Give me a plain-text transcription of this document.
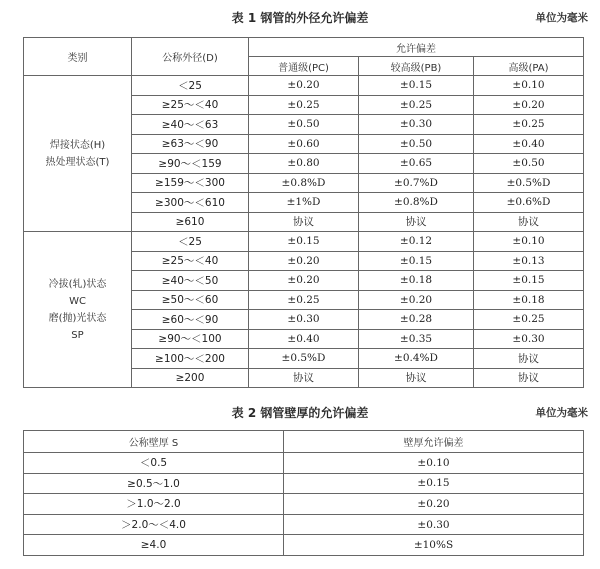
表 1 钢管的外径允许偏差	单位为毫米
类别	公称外径(D)	允许偏差		
		普通级(PC)	较高级(PB)	高级(PA)
焊接状态(H)
热处理状态(T)	＜25	±0.20	±0.15	±0.10
	≥25～＜40	±0.25	±0.25	±0.20
	≥40～＜63	±0.50	±0.30	±0.25
	≥63～＜90	±0.60	±0.50	±0.40
	≥90～＜159	±0.80	±0.65	±0.50
	≥159～＜300	±0.8%D	±0.7%D	±0.5%D
	≥300～＜610	±1%D	±0.8%D	±0.6%D
	≥610	协议	协议	协议
冷拔(轧)状态
WC
磨(抛)光状态
SP	＜25	±0.15	±0.12	±0.10
	≥25～＜40	±0.20	±0.15	±0.13
	≥40～＜50	±0.20	±0.18	±0.15
	≥50～＜60	±0.25	±0.20	±0.18
	≥60～＜90	±0.30	±0.28	±0.25
	≥90～＜100	±0.40	±0.35	±0.30
	≥100～＜200	±0.5%D	±0.4%D	协议
	≥200	协议	协议	协议
表 2 钢管壁厚的允许偏差	单位为毫米
公称壁厚 S	壁厚允许偏差
＜0.5	±0.10
≥0.5～1.0	±0.15
＞1.0～2.0	±0.20
＞2.0～＜4.0	±0.30
≥4.0	±10%S
